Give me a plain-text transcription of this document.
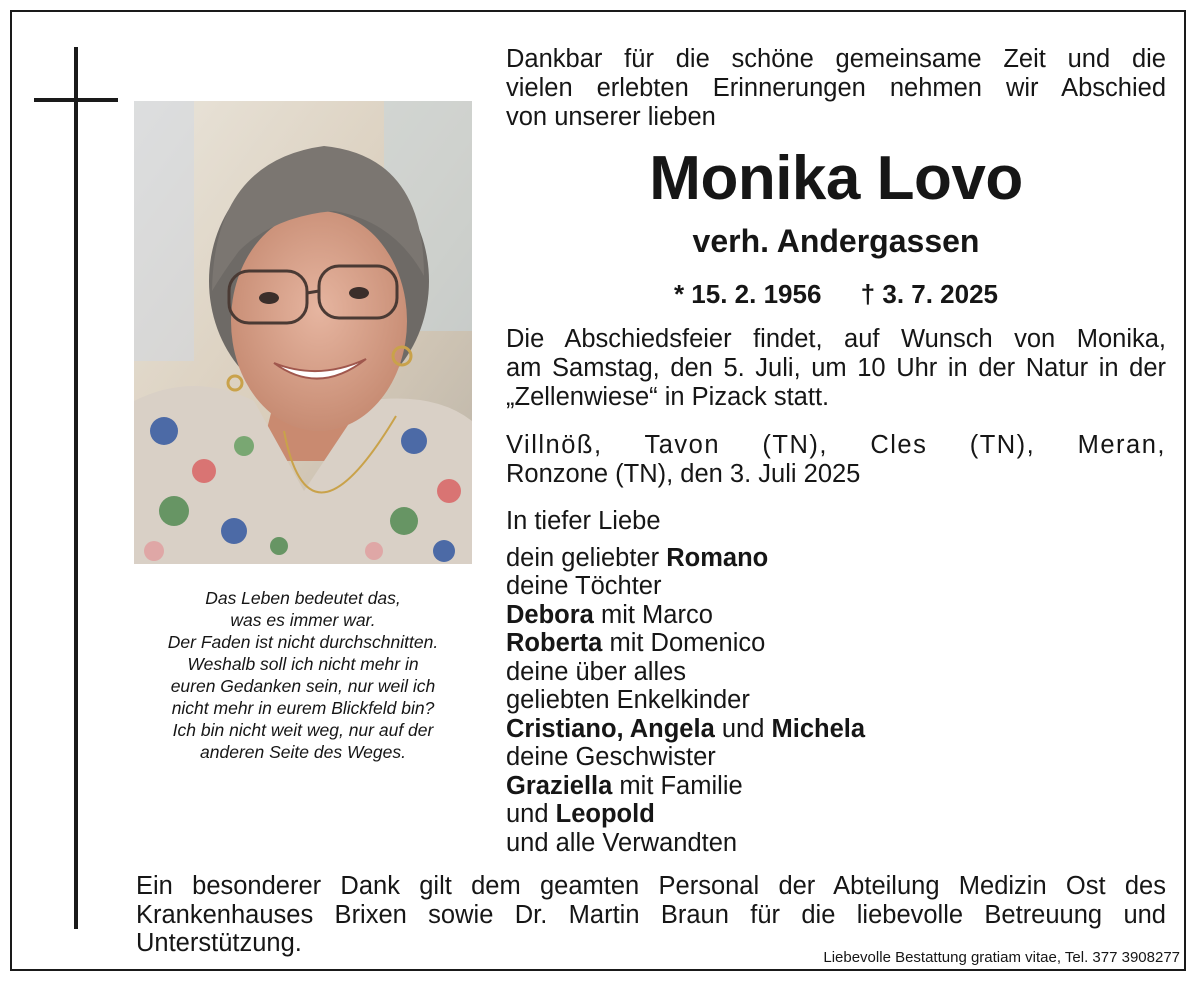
Das Leben bedeutet das,
was es immer war.
Der Faden ist nicht durchschnitten.
Weshalb soll ich nicht mehr in
euren Gedanken sein, nur weil ich
nicht mehr in eurem Blickfeld bin?
Ich bin nicht weit weg, nur auf der
anderen Seite des Weges.
Dankbar für die schöne gemeinsame Zeit und die
vielen erlebten Erinnerungen nehmen wir Abschied
von unserer lieben
Monika Lovo
verh. Andergassen
* 15. 2. 1956 † 3. 7. 2025
Die Abschiedsfeier findet, auf Wunsch von Monika,
am Samstag, den 5. Juli, um 10 Uhr in der Natur in der
„Zellenwiese“ in Pizack statt.
Villnöß, Tavon (TN), Cles (TN), Meran,
Ronzone (TN), den 3. Juli 2025
In tiefer Liebe
dein geliebter Romano
deine Töchter
Debora mit Marco
Roberta mit Domenico
deine über alles
geliebten Enkelkinder
Cristiano, Angela und Michela
deine Geschwister
Graziella mit Familie
und Leopold
und alle Verwandten
Ein besonderer Dank gilt dem geamten Personal der Abteilung Medizin Ost des
Krankenhauses Brixen sowie Dr. Martin Braun für die liebevolle Betreuung und
Unterstützung.
Liebevolle Bestattung gratiam vitae, Tel. 377 3908277
